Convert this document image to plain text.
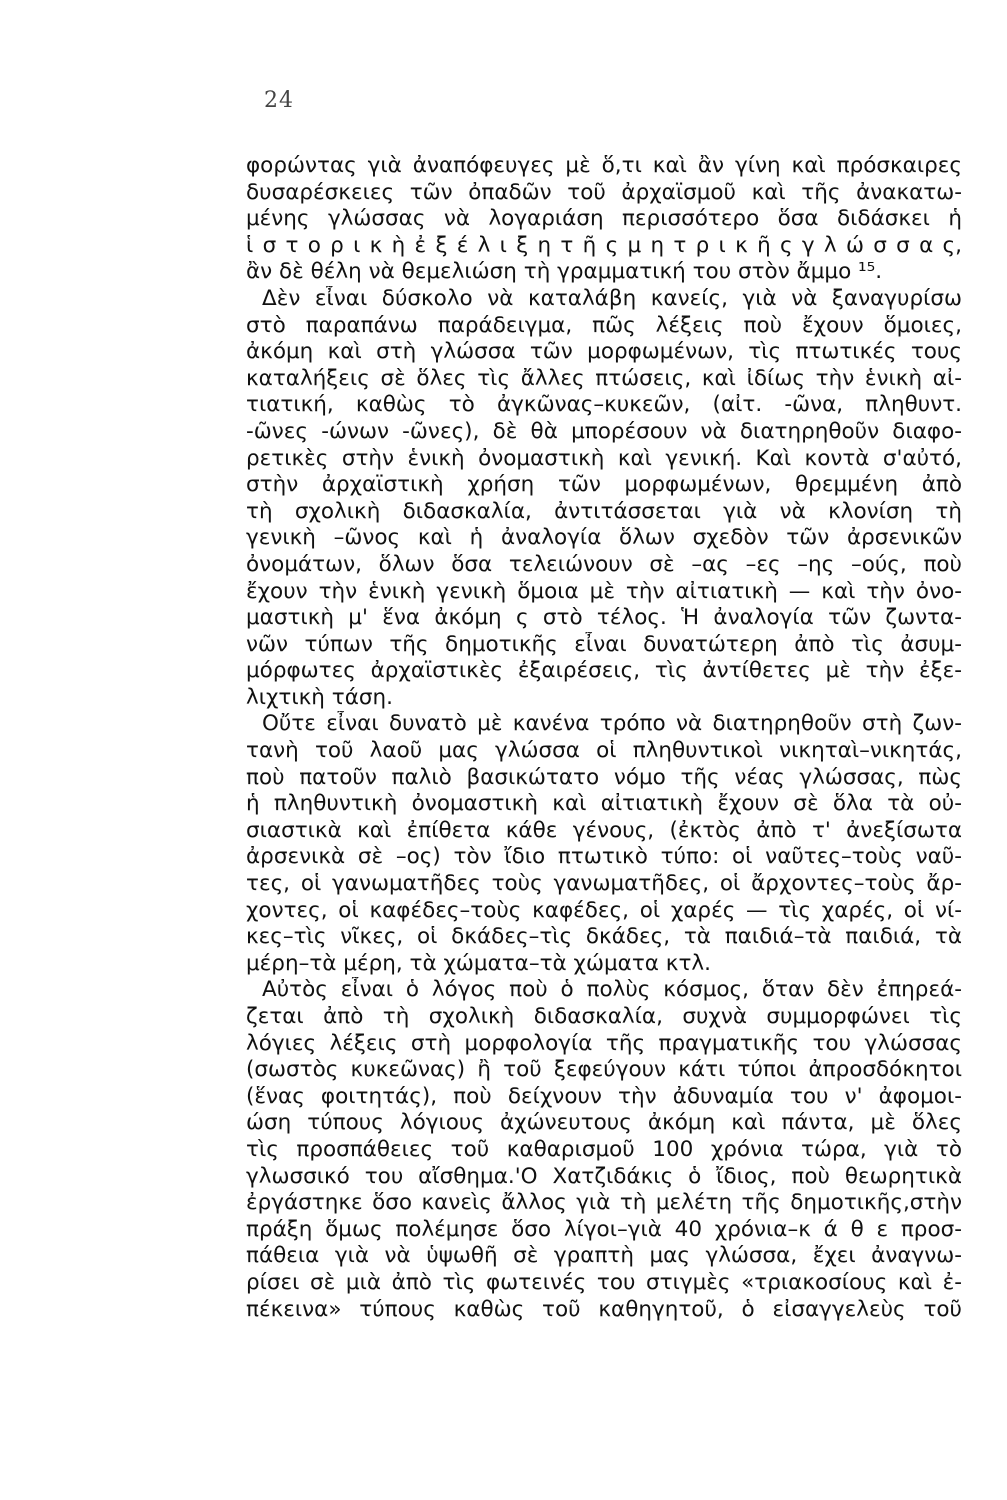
24
φορώντας γιὰ ἀναπόφευγες μὲ ὅ,τι καὶ ἂν γίνη καὶ πρόσκαιρες
δυσαρέσκειες τῶν ὀπαδῶν τοῦ ἀρχαϊσμοῦ καὶ τῆς ἀνακατω-
μένης γλώσσας νὰ λογαριάση περισσότερο ὅσα διδάσκει ἡ
ἱ σ τ ο ρ ι κ ὴ ἐ ξ έ λ ι ξ η τ ῆ ς μ η τ ρ ι κ ῆ ς γ λ ώ σ σ α ς,
ἂν δὲ θέλη νὰ θεμελιώση τὴ γραμματική του στὸν ἄμμο ¹⁵.
Δὲν εἶναι δύσκολο νὰ καταλάβη κανείς, γιὰ νὰ ξαναγυρίσω
στὸ παραπάνω παράδειγμα, πῶς λέξεις ποὺ ἔχουν ὅμοιες,
ἀκόμη καὶ στὴ γλώσσα τῶν μορφωμένων, τὶς πτωτικές τους
καταλήξεις σὲ ὅλες τὶς ἄλλες πτώσεις, καὶ ἰδίως τὴν ἑνικὴ αἰ-
τιατική, καθὼς τὸ ἀγκῶνας–κυκεῶν, (αἰτ. -ῶνα, πληθυντ.
-ῶνες -ώνων -ῶνες), δὲ θὰ μπορέσουν νὰ διατηρηθοῦν διαφο-
ρετικὲς στὴν ἑνικὴ ὀνομαστικὴ καὶ γενική. Καὶ κοντὰ σ'αὐτό,
στὴν ἀρχαϊστικὴ χρήση τῶν μορφωμένων, θρεμμένη ἀπὸ
τὴ σχολικὴ διδασκαλία, ἀντιτάσσεται γιὰ νὰ κλονίση τὴ
γενικὴ –ῶνος καὶ ἡ ἀναλογία ὅλων σχεδὸν τῶν ἀρσενικῶν
ὀνομάτων, ὅλων ὅσα τελειώνουν σὲ –ας –ες –ης –ούς, ποὺ
ἔχουν τὴν ἑνικὴ γενικὴ ὅμοια μὲ τὴν αἰτιατικὴ — καὶ τὴν ὀνο-
μαστικὴ μ' ἕνα ἀκόμη ς στὸ τέλος. Ἡ ἀναλογία τῶν ζωντα-
νῶν τύπων τῆς δημοτικῆς εἶναι δυνατώτερη ἀπὸ τὶς ἀσυμ-
μόρφωτες ἀρχαϊστικὲς ἐξαιρέσεις, τὶς ἀντίθετες μὲ τὴν ἐξε-
λιχτικὴ τάση.
Οὔτε εἶναι δυνατὸ μὲ κανένα τρόπο νὰ διατηρηθοῦν στὴ ζων-
τανὴ τοῦ λαοῦ μας γλώσσα οἱ πληθυντικοὶ νικηταὶ–νικητάς,
ποὺ πατοῦν παλιὸ βασικώτατο νόμο τῆς νέας γλώσσας, πὼς
ἡ πληθυντικὴ ὀνομαστικὴ καὶ αἰτιατικὴ ἔχουν σὲ ὅλα τὰ οὐ-
σιαστικὰ καὶ ἐπίθετα κάθε γένους, (ἐκτὸς ἀπὸ τ' ἀνεξίσωτα
ἀρσενικὰ σὲ –ος) τὸν ἴδιο πτωτικὸ τύπο: οἱ ναῦτες–τοὺς ναῦ-
τες, οἱ γανωματῆδες τοὺς γανωματῆδες, οἱ ἄρχοντες–τοὺς ἄρ-
χοντες, οἱ καφέδες–τοὺς καφέδες, οἱ χαρές — τὶς χαρές, οἱ νί-
κες–τὶς νῖκες, οἱ δκάδες–τὶς δκάδες, τὰ παιδιά–τὰ παιδιά, τὰ
μέρη–τὰ μέρη, τὰ χώματα–τὰ χώματα κτλ.
Αὐτὸς εἶναι ὁ λόγος ποὺ ὁ πολὺς κόσμος, ὅταν δὲν ἐπηρεά-
ζεται ἀπὸ τὴ σχολικὴ διδασκαλία, συχνὰ συμμορφώνει τὶς
λόγιες λέξεις στὴ μορφολογία τῆς πραγματικῆς του γλώσσας
(σωστὸς κυκεῶνας) ἢ τοῦ ξεφεύγουν κάτι τύποι ἀπροσδόκητοι
(ἕνας φοιτητάς), ποὺ δείχνουν τὴν ἀδυναμία του ν' ἀφομοι-
ώση τύπους λόγιους ἀχώνευτους ἀκόμη καὶ πάντα, μὲ ὅλες
τὶς προσπάθειες τοῦ καθαρισμοῦ 100 χρόνια τώρα, γιὰ τὸ
γλωσσικό του αἴσθημα.'Ο Χατζιδάκις ὁ ἴδιος, ποὺ θεωρητικὰ
ἐργάστηκε ὅσο κανεὶς ἄλλος γιὰ τὴ μελέτη τῆς δημοτικῆς,στὴν
πράξη ὅμως πολέμησε ὅσο λίγοι–γιὰ 40 χρόνια–κ ά θ ε προσ-
πάθεια γιὰ νὰ ὑψωθῆ σὲ γραπτὴ μας γλώσσα, ἔχει ἀναγνω-
ρίσει σὲ μιὰ ἀπὸ τὶς φωτεινές του στιγμὲς «τριακοσίους καὶ ἐ-
πέκεινα» τύπους καθὼς τοῦ καθηγητοῦ, ὁ εἰσαγγελεὺς τοῦ
